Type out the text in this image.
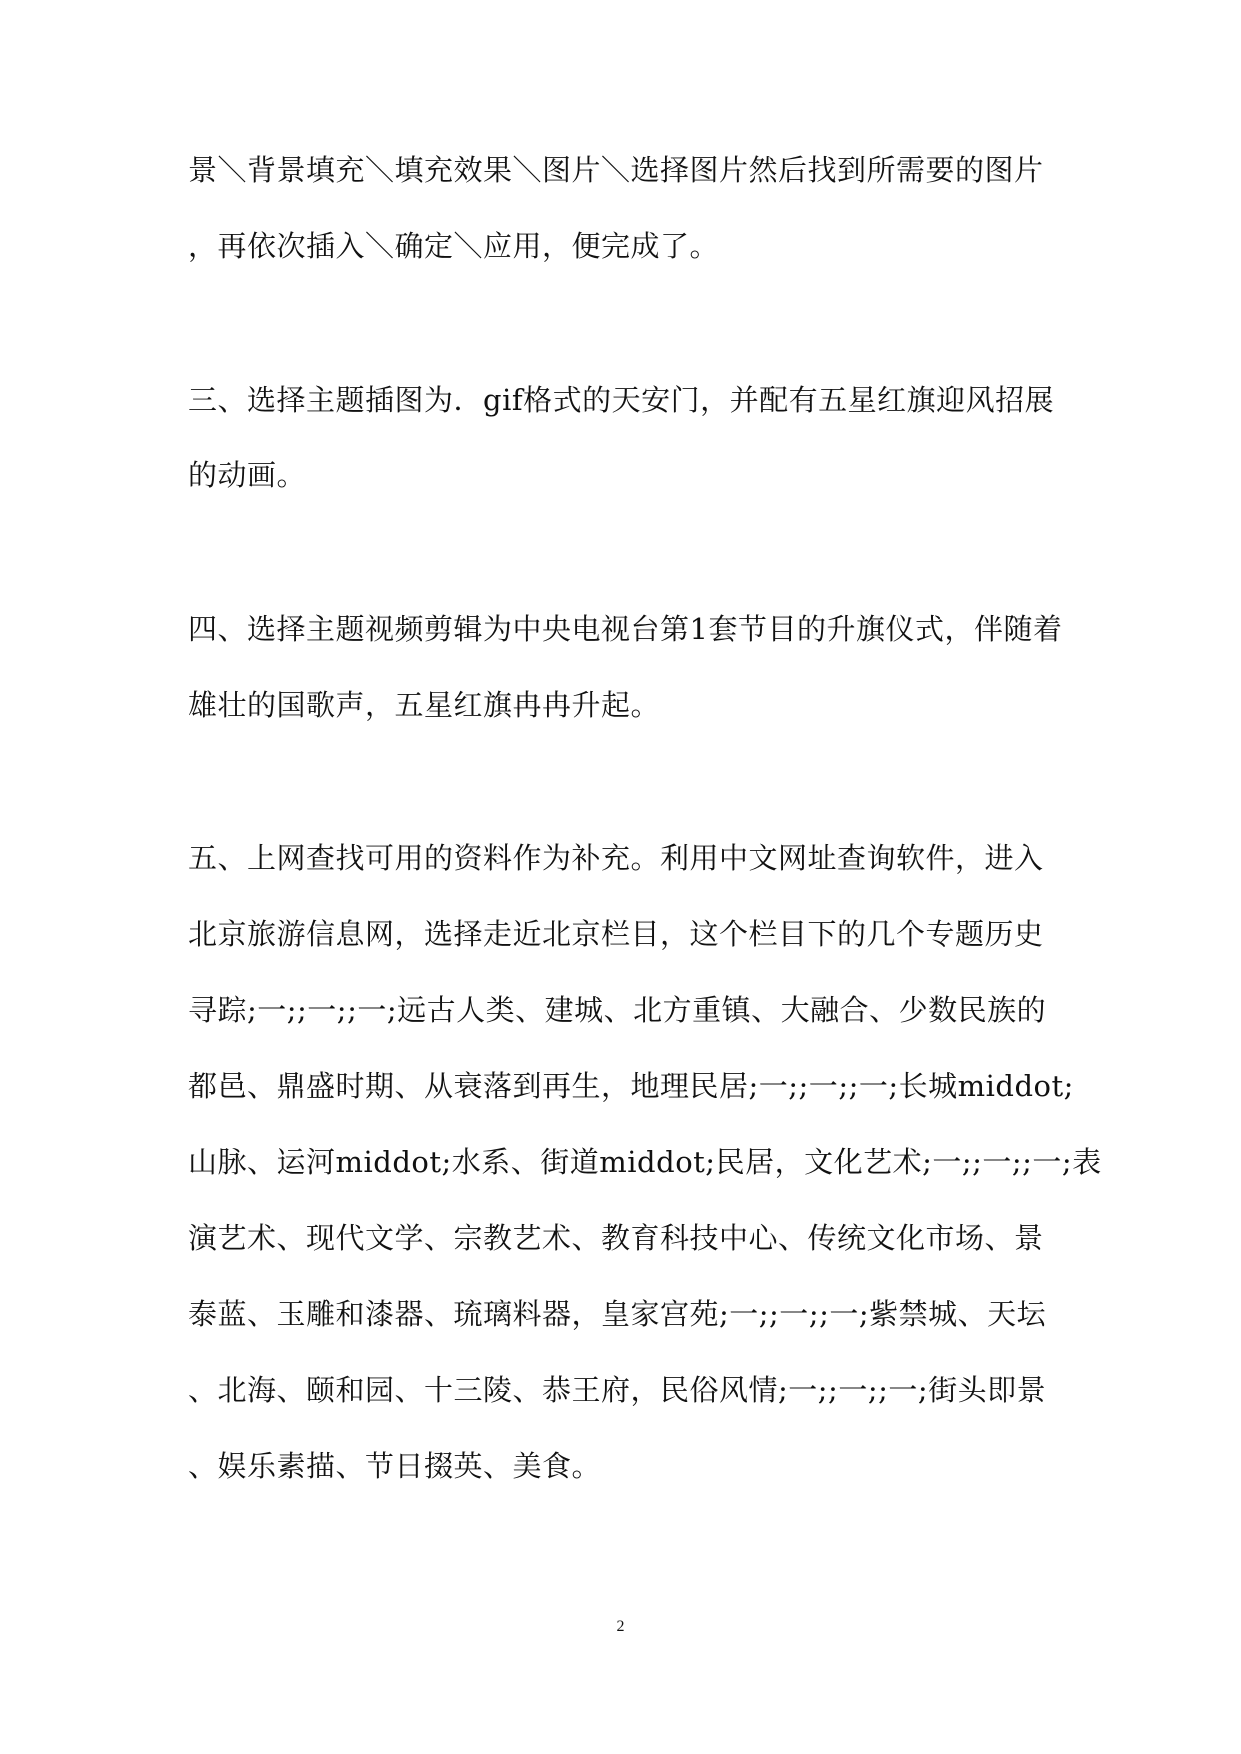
景＼背景填充＼填充效果＼图片＼选择图片然后找到所需要的图片
，再依次插入＼确定＼应用，便完成了。
三、选择主题插图为．gif格式的天安门，并配有五星红旗迎风招展
的动画。
四、选择主题视频剪辑为中央电视台第1套节目的升旗仪式，伴随着
雄壮的国歌声，五星红旗冉冉升起。
五、上网查找可用的资料作为补充。利用中文网址查询软件，进入
北京旅游信息网，选择走近北京栏目，这个栏目下的几个专题历史
寻踪;一;;一;;一;远古人类、建城、北方重镇、大融合、少数民族的
都邑、鼎盛时期、从衰落到再生，地理民居;一;;一;;一;长城middot;
山脉、运河middot;水系、街道middot;民居，文化艺术;一;;一;;一;表
演艺术、现代文学、宗教艺术、教育科技中心、传统文化市场、景
泰蓝、玉雕和漆器、琉璃料器，皇家宫苑;一;;一;;一;紫禁城、天坛
、北海、颐和园、十三陵、恭王府，民俗风情;一;;一;;一;街头即景
、娱乐素描、节日掇英、美食。
2
